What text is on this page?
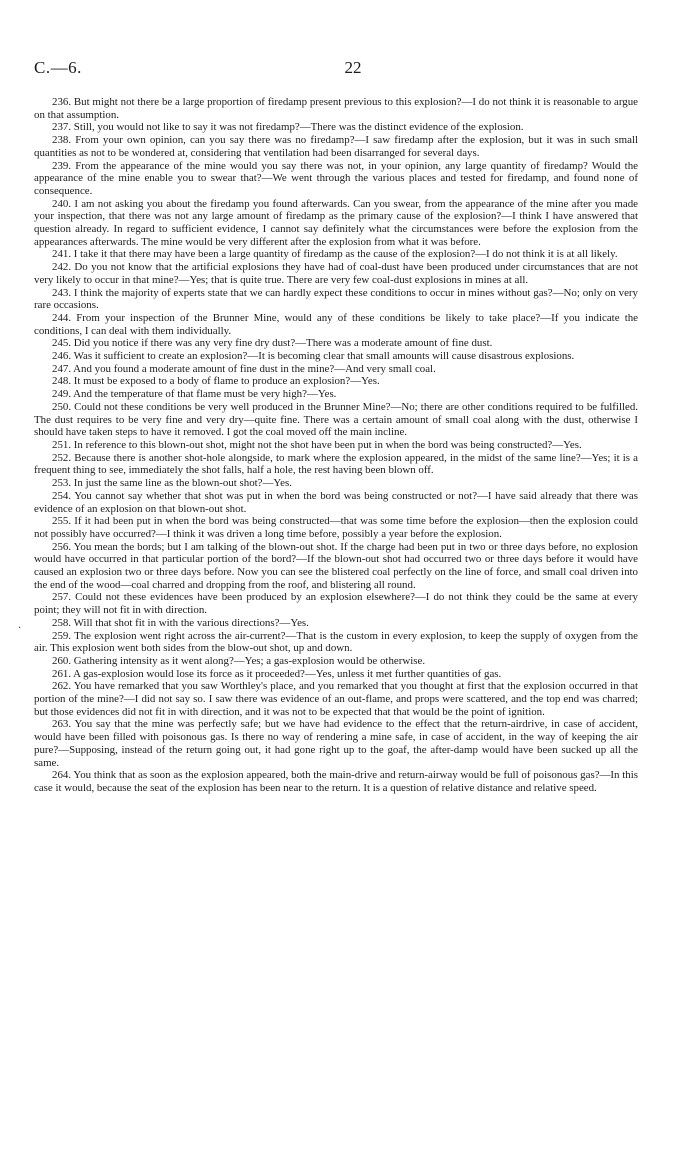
C.—6.	22
.

236. But might not there be a large proportion of firedamp present previous to this explosion?—I do not think it is reasonable to argue on that assumption.

237. Still, you would not like to say it was not firedamp?—There was the distinct evidence of the explosion.

238. From your own opinion, can you say there was no firedamp?—I saw firedamp after the explosion, but it was in such small quantities as not to be wondered at, considering that ventilation had been disarranged for several days.

239. From the appearance of the mine would you say there was not, in your opinion, any large quantity of firedamp? Would the appearance of the mine enable you to swear that?—We went through the various places and tested for firedamp, and found none of consequence.

240. I am not asking you about the firedamp you found afterwards. Can you swear, from the appearance of the mine after you made your inspection, that there was not any large amount of firedamp as the primary cause of the explosion?—I think I have answered that question already. In regard to sufficient evidence, I cannot say definitely what the circumstances were before the explosion from the appearances afterwards. The mine would be very different after the explosion from what it was before.

241. I take it that there may have been a large quantity of firedamp as the cause of the explosion?—I do not think it is at all likely.

242. Do you not know that the artificial explosions they have had of coal-dust have been produced under circumstances that are not very likely to occur in that mine?—Yes; that is quite true. There are very few coal-dust explosions in mines at all.

243. I think the majority of experts state that we can hardly expect these conditions to occur in mines without gas?—No; only on very rare occasions.

244. From your inspection of the Brunner Mine, would any of these conditions be likely to take place?—If you indicate the conditions, I can deal with them individually.

245. Did you notice if there was any very fine dry dust?—There was a moderate amount of fine dust.

246. Was it sufficient to create an explosion?—It is becoming clear that small amounts will cause disastrous explosions.

247. And you found a moderate amount of fine dust in the mine?—And very small coal.

248. It must be exposed to a body of flame to produce an explosion?—Yes.

249. And the temperature of that flame must be very high?—Yes.

250. Could not these conditions be very well produced in the Brunner Mine?—No; there are other conditions required to be fulfilled. The dust requires to be very fine and very dry—quite fine. There was a certain amount of small coal along with the dust, otherwise I should have taken steps to have it removed. I got the coal moved off the main incline.

251. In reference to this blown-out shot, might not the shot have been put in when the bord was being constructed?—Yes.

252. Because there is another shot-hole alongside, to mark where the explosion appeared, in the midst of the same line?—Yes; it is a frequent thing to see, immediately the shot falls, half a hole, the rest having been blown off.

253. In just the same line as the blown-out shot?—Yes.

254. You cannot say whether that shot was put in when the bord was being constructed or not?—I have said already that there was evidence of an explosion on that blown-out shot.

255. If it had been put in when the bord was being constructed—that was some time before the explosion—then the explosion could not possibly have occurred?—I think it was driven a long time before, possibly a year before the explosion.

256. You mean the bords; but I am talking of the blown-out shot. If the charge had been put in two or three days before, no explosion would have occurred in that particular portion of the bord?—If the blown-out shot had occurred two or three days before it would have caused an explosion two or three days before. Now you can see the blistered coal perfectly on the line of force, and small coal driven into the end of the wood—coal charred and dropping from the roof, and blistering all round.

257. Could not these evidences have been produced by an explosion elsewhere?—I do not think they could be the same at every point; they will not fit in with direction.

258. Will that shot fit in with the various directions?—Yes.

259. The explosion went right across the air-current?—That is the custom in every explosion, to keep the supply of oxygen from the air. This explosion went both sides from the blow-out shot, up and down.

260. Gathering intensity as it went along?—Yes; a gas-explosion would be otherwise.

261. A gas-explosion would lose its force as it proceeded?—Yes, unless it met further quantities of gas.

262. You have remarked that you saw Worthley's place, and you remarked that you thought at first that the explosion occurred in that portion of the mine?—I did not say so. I saw there was evidence of an out-flame, and props were scattered, and the top end was charred; but those evidences did not fit in with direction, and it was not to be expected that that would be the point of ignition.

263. You say that the mine was perfectly safe; but we have had evidence to the effect that the return-airdrive, in case of accident, would have been filled with poisonous gas. Is there no way of rendering a mine safe, in case of accident, in the way of keeping the air pure?—Supposing, instead of the return going out, it had gone right up to the goaf, the after-damp would have been sucked up all the same.

264. You think that as soon as the explosion appeared, both the main-drive and return-airway would be full of poisonous gas?—In this case it would, because the seat of the explosion has been near to the return. It is a question of relative distance and relative speed.
